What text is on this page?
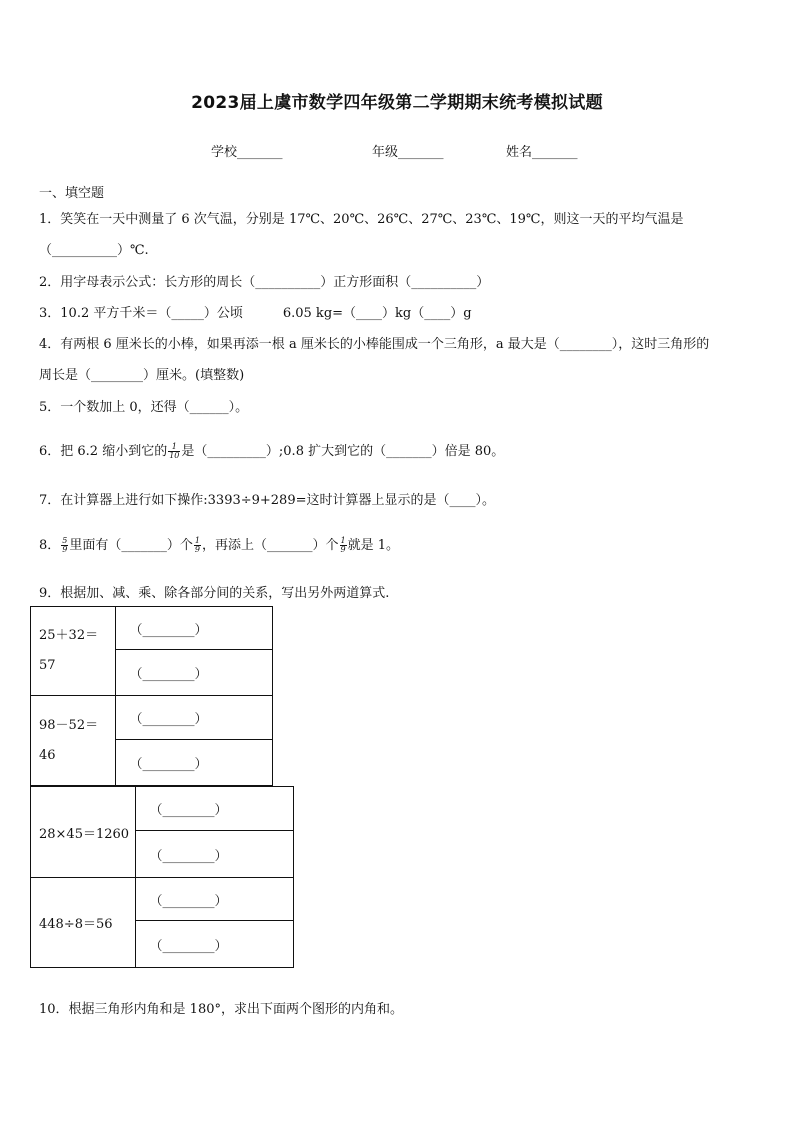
2023届上虞市数学四年级第二学期期末统考模拟试题
学校_______	年级_______	姓名_______
一、填空题
1．笑笑在一天中测量了 6 次气温，分别是 17℃、20℃、26℃、27℃、23℃、19℃，则这一天的平均气温是
（__________）℃.
2．用字母表示公式：长方形的周长（__________）正方形面积（__________）
3．10.2 平方千米＝（_____）公顷	6.05 kg=（____）kg（____）g
4．有两根 6 厘米长的小棒，如果再添一根 a 厘米长的小棒能围成一个三角形，a 最大是（________），这时三角形的
周长是（________）厘米。(填整数)
5．一个数加上 0，还得（______）。
6．把 6.2 缩小到它的 $\frac{1}{10}$ 是（_________）;0.8 扩大到它的（_______）倍是 80。
7．在计算器上进行如下操作:3393÷9+289=这时计算器上显示的是（____）。
8． $\frac{5}{9}$ 里面有（_______）个 $\frac{1}{9}$ ，再添上（_______）个 $\frac{1}{9}$ 就是 1。
9．根据加、减、乘、除各部分间的关系，写出另外两道算式.
25＋32＝
57	（________）
	（________）

98－52＝
46	（________）
	（________）
28×45＝1260	（________）
	（________）
448÷8＝56	（________）
	（________）
10．根据三角形内角和是 180°，求出下面两个图形的内角和。
